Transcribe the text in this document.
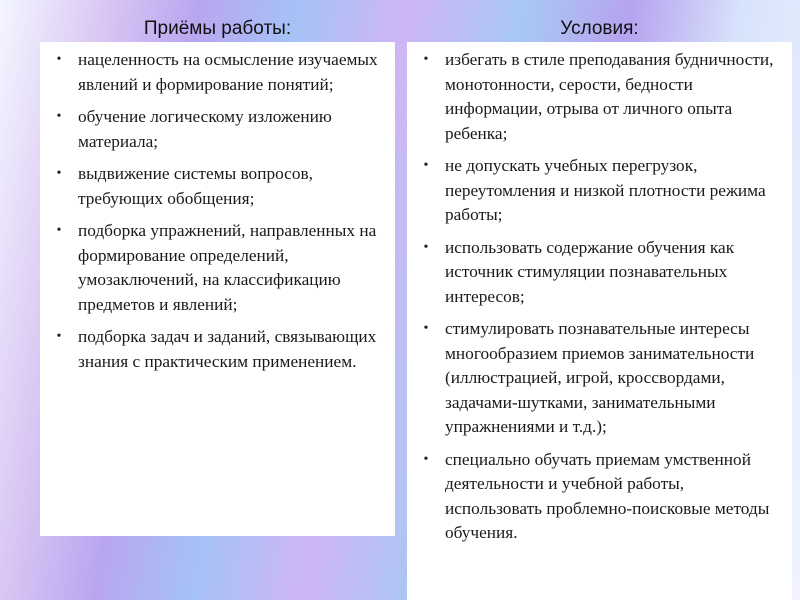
Приёмы работы:	Условия:
• нацеленность на осмысление изучаемых явлений и формирование понятий;
• обучение логическому изложению материала;
• выдвижение системы вопросов, требующих обобщения;
• подборка упражнений, направленных на формирование определений, умозаключений, на классификацию предметов и явлений;
• подборка задач и заданий, связывающих знания с практическим применением.
• избегать в стиле преподавания будничности, монотонности, серости, бедности информации, отрыва от личного опыта ребенка;
• не допускать учебных перегрузок, переутомления и низкой плотности режима работы;
• использовать содержание обучения как источник стимуляции познавательных интересов;
• стимулировать познавательные интересы многообразием приемов занимательности (иллюстрацией, игрой, кроссвордами, задачами-шутками, занимательными упражнениями и т.д.);
• специально обучать приемам умственной деятельности и учебной работы, использовать проблемно-поисковые методы обучения.
